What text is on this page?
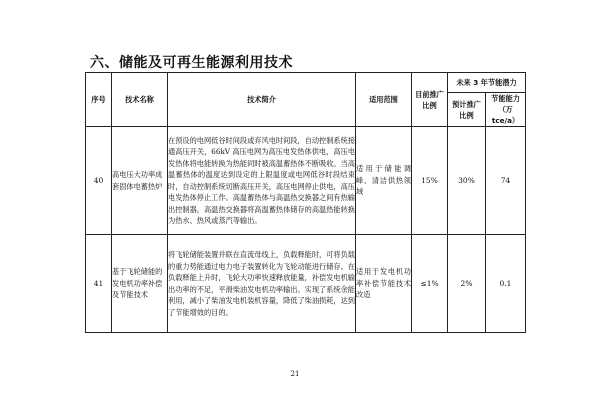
六、储能及可再生能源利用技术
序号	技术名称	技术简介	适用范围	目前推广比例	未来 3 年节能潜力	
					预计推广比例	节能能力（万 tce/a）
40	高电压大功率成套固体电蓄热炉	在预设的电网低谷时间段或弃风电时间段，自动控制系统接通高压开关，66kV 高压电网为高压电发热体供电，高压电发热体将电能转换为热能同时被高温蓄热体不断吸收。当高温蓄热体的温度达到设定的上限温度或电网低谷时段结束时，自动控制系统切断高压开关，高压电网停止供电，高压电发热体停止工作。高温蓄热体与高温热交换器之间有热输出控制器，高温热交换器将高温蓄热体储存的高温热能转换为热水、热风或蒸汽等输出。	适用于储能调峰、清洁供热领域	15%	30%	74
41	基于飞轮储能的发电机功率补偿及节能技术	将飞轮储能装置并联在直流母线上，负载释能时，可将负载的重力势能通过电力电子装置转化为飞轮动能进行储存。在负载释能上升时，飞轮大功率快速释放能量，补偿发电机输出功率的不足，平滑柴油发电机功率输出。实现了系统余能利用，减小了柴油发电机装机容量，降低了柴油损耗，达到了节能增效的目的。	适用于发电机功率补偿节能技术改造	≤1%	2%	0.1
21
